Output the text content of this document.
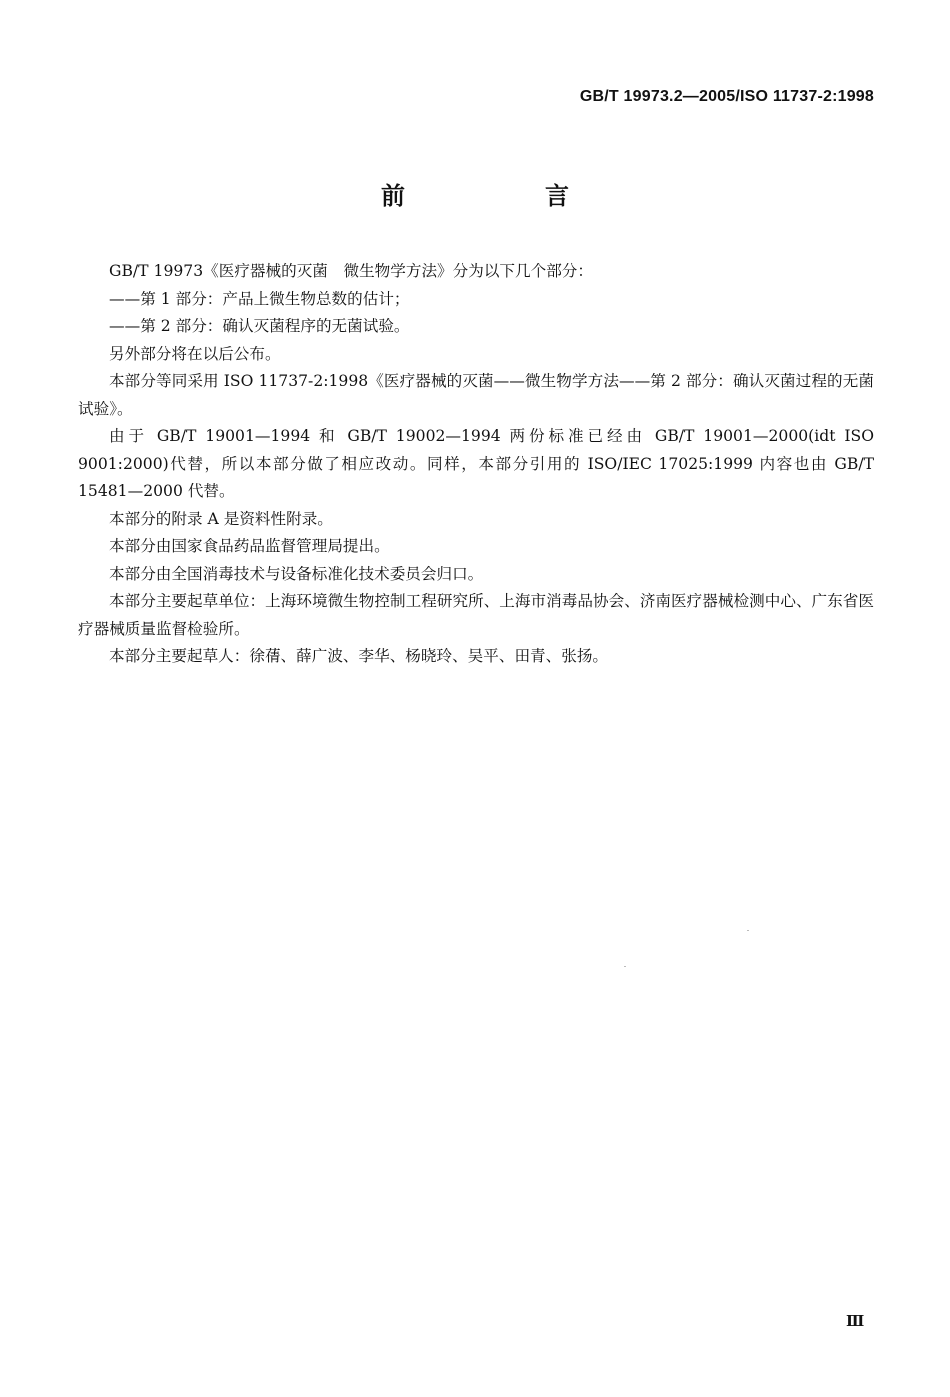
GB/T 19973.2—2005/ISO 11737-2:1998
前　言

GB/T 19973《医疗器械的灭菌　微生物学方法》分为以下几个部分：

——第 1 部分：产品上微生物总数的估计；

——第 2 部分：确认灭菌程序的无菌试验。

另外部分将在以后公布。

本部分等同采用 ISO 11737-2:1998《医疗器械的灭菌——微生物学方法——第 2 部分：确认灭菌过程的无菌试验》。

由于 GB/T 19001—1994 和 GB/T 19002—1994 两份标准已经由 GB/T 19001—2000(idt ISO 9001:2000)代替，所以本部分做了相应改动。同样，本部分引用的 ISO/IEC 17025:1999 内容也由 GB/T 15481—2000 代替。

本部分的附录 A 是资料性附录。

本部分由国家食品药品监督管理局提出。

本部分由全国消毒技术与设备标准化技术委员会归口。

本部分主要起草单位：上海环境微生物控制工程研究所、上海市消毒品协会、济南医疗器械检测中心、广东省医疗器械质量监督检验所。

本部分主要起草人：徐蒨、薛广波、李华、杨晓玲、吴平、田青、张扬。

Ⅲ
